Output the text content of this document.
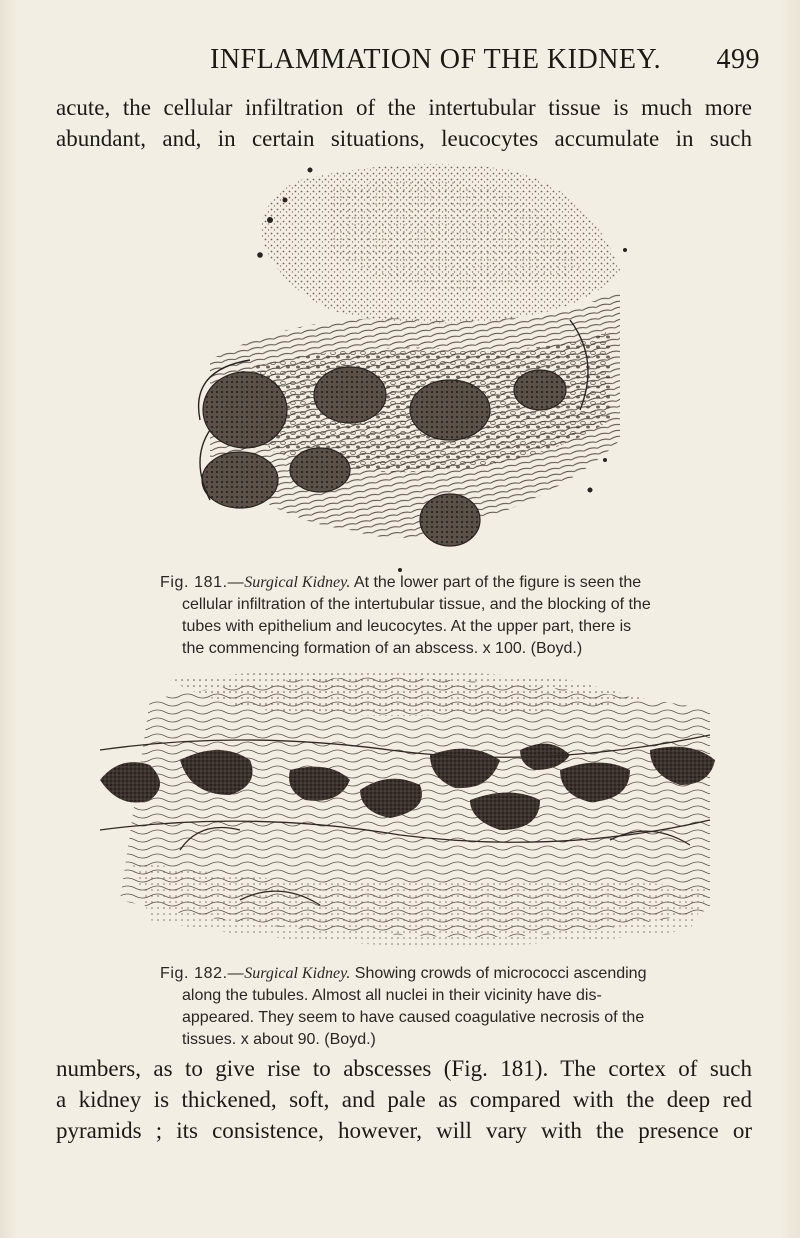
INFLAMMATION OF THE KIDNEY. 499
acute, the cellular infiltration of the intertubular tissue is much more
abundant, and, in certain situations, leucocytes accumulate in such
Fig. 181.—Surgical Kidney. At the lower part of the figure is seen the
cellular infiltration of the intertubular tissue, and the blocking of the
tubes with epithelium and leucocytes. At the upper part, there is
the commencing formation of an abscess. x 100. (Boyd.)
Fig. 182.—Surgical Kidney. Showing crowds of micrococci ascending
along the tubules. Almost all nuclei in their vicinity have dis-
appeared. They seem to have caused coagulative necrosis of the
tissues. x about 90. (Boyd.)
numbers, as to give rise to abscesses (Fig. 181). The cortex of such
a kidney is thickened, soft, and pale as compared with the deep red
pyramids ; its consistence, however, will vary with the presence or
